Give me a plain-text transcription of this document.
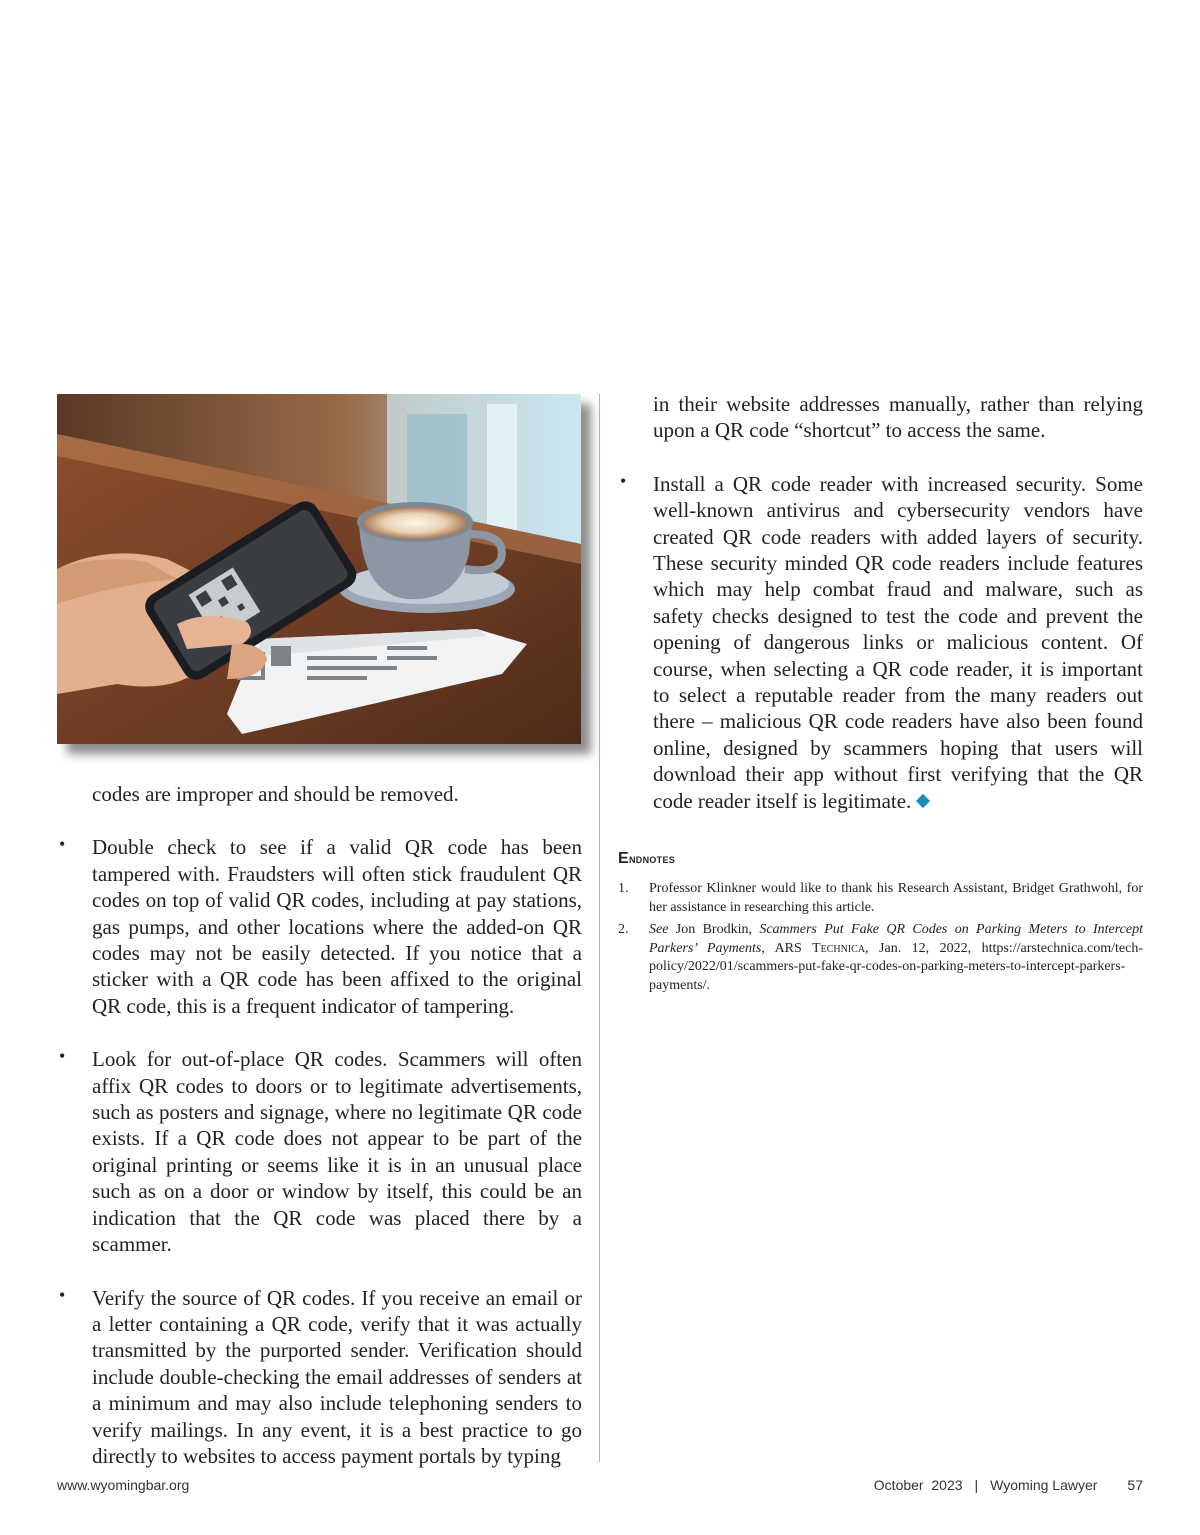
codes are improper and should be removed.

• Double check to see if a valid QR code has been tampered with. Fraudsters will often stick fraudulent QR codes on top of valid QR codes, including at pay stations, gas pumps, and other locations where the added-on QR codes may not be easily detected. If you notice that a sticker with a QR code has been affixed to the original QR code, this is a frequent indicator of tampering.

• Look for out-of-place QR codes. Scammers will often affix QR codes to doors or to legitimate advertisements, such as posters and signage, where no legitimate QR code exists. If a QR code does not appear to be part of the original printing or seems like it is in an unusual place such as on a door or window by itself, this could be an indication that the QR code was placed there by a scammer.

• Verify the source of QR codes. If you receive an email or a letter containing a QR code, verify that it was actually transmitted by the purported sender. Verification should include double-checking the email addresses of senders at a minimum and may also include telephoning senders to verify mailings. In any event, it is a best practice to go directly to websites to access payment portals by typing

in their website addresses manually, rather than relying upon a QR code “shortcut” to access the same.

• Install a QR code reader with increased security. Some well-known antivirus and cybersecurity vendors have created QR code readers with added layers of security. These security minded QR code readers include features which may help combat fraud and malware, such as safety checks designed to test the code and prevent the opening of dangerous links or malicious content. Of course, when selecting a QR code reader, it is important to select a reputable reader from the many readers out there – malicious QR code readers have also been found online, designed by scammers hoping that users will download their app without first verifying that the QR code reader itself is legitimate.

Endnotes
1. Professor Klinkner would like to thank his Research Assistant, Bridget Grathwohl, for her assistance in researching this article.
2. See Jon Brodkin, Scammers Put Fake QR Codes on Parking Meters to Intercept Parkers’ Payments, ARS Technica, Jan. 12, 2022, https://arstechnica.com/tech-policy/2022/01/scammers-put-fake-qr-codes-on-parking-meters-to-intercept-parkers-payments/.
www.wyomingbar.org	October  2023 | Wyoming Lawyer 57
